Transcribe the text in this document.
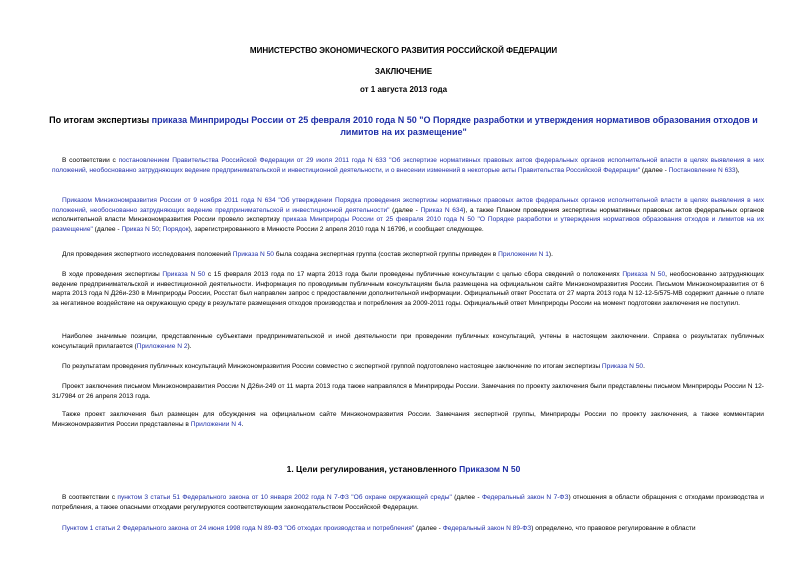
МИНИСТЕРСТВО ЭКОНОМИЧЕСКОГО РАЗВИТИЯ РОССИЙСКОЙ ФЕДЕРАЦИИ
ЗАКЛЮЧЕНИЕ
от 1 августа 2013 года
По итогам экспертизы приказа Минприроды России от 25 февраля 2010 года N 50 "О Порядке разработки и утверждения нормативов образования отходов и лимитов на их размещение"
В соответствии с постановлением Правительства Российской Федерации от 29 июля 2011 года N 633 "Об экспертизе нормативных правовых актов федеральных органов исполнительной власти в целях выявления в них положений, необоснованно затрудняющих ведение предпринимательской и инвестиционной деятельности, и о внесении изменений в некоторые акты Правительства Российской Федерации" (далее - Постановление N 633),
Приказом Минэкономразвития России от 9 ноября 2011 года N 634 "Об утверждении Порядка проведения экспертизы нормативных правовых актов федеральных органов исполнительной власти в целях выявления в них положений, необоснованно затрудняющих ведение предпринимательской и инвестиционной деятельности" (далее - Приказ N 634), а также Планом проведения экспертизы нормативных правовых актов федеральных органов исполнительной власти Минэкономразвития России провело экспертизу приказа Минприроды России от 25 февраля 2010 года N 50 "О Порядке разработки и утверждения нормативов образования отходов и лимитов на их размещение" (далее - Приказ N 50; Порядок), зарегистрированного в Минюсте России 2 апреля 2010 года N 16796, и сообщает следующее.
Для проведения экспертного исследования положений Приказа N 50 была создана экспертная группа (состав экспертной группы приведен в Приложении N 1).
В ходе проведения экспертизы Приказа N 50 с 15 февраля 2013 года по 17 марта 2013 года были проведены публичные консультации с целью сбора сведений о положениях Приказа N 50, необоснованно затрудняющих ведение предпринимательской и инвестиционной деятельности. Информация по проводимым публичным консультациям была размещена на официальном сайте Минэкономразвития России. Письмом Минэкономразвития от 6 марта 2013 года N Д26и-230 в Минприроды России, Росстат был направлен запрос с предоставлении дополнительной информации. Официальный ответ Росстата от 27 марта 2013 года N 12-12-5/575-МВ содержит данные о плате за негативное воздействие на окружающую среду в результате размещения отходов производства и потребления за 2009-2011 годы. Официальный ответ Минприроды России на момент подготовки заключения не поступил.
Наиболее значимые позиции, представленные субъектами предпринимательской и иной деятельности при проведении публичных консультаций, учтены в настоящем заключении. Справка о результатах публичных консультаций прилагается (Приложение N 2).
По результатам проведения публичных консультаций Минэкономразвития России совместно с экспертной группой подготовлено настоящее заключение по итогам экспертизы Приказа N 50.
Проект заключения письмом Минэкономразвития России N Д26и-249 от 11 марта 2013 года также направлялся в Минприроды России. Замечания по проекту заключения были представлены письмом Минприроды России N 12-31/7984 от 26 апреля 2013 года.
Также проект заключения был размещен для обсуждения на официальном сайте Минэкономразвития России. Замечания экспертной группы, Минприроды России по проекту заключения, а также комментарии Минэкономразвития России представлены в Приложении N 4.
1. Цели регулирования, установленного Приказом N 50
В соответствии с пунктом 3 статьи 51 Федерального закона от 10 января 2002 года N 7-ФЗ "Об охране окружающей среды" (далее - Федеральный закон N 7-ФЗ) отношения в области обращения с отходами производства и потребления, а также опасными отходами регулируются соответствующим законодательством Российской Федерации.
Пунктом 1 статьи 2 Федерального закона от 24 июня 1998 года N 89-ФЗ "Об отходах производства и потребления" (далее - Федеральный закон N 89-ФЗ) определено, что правовое регулирование в области
